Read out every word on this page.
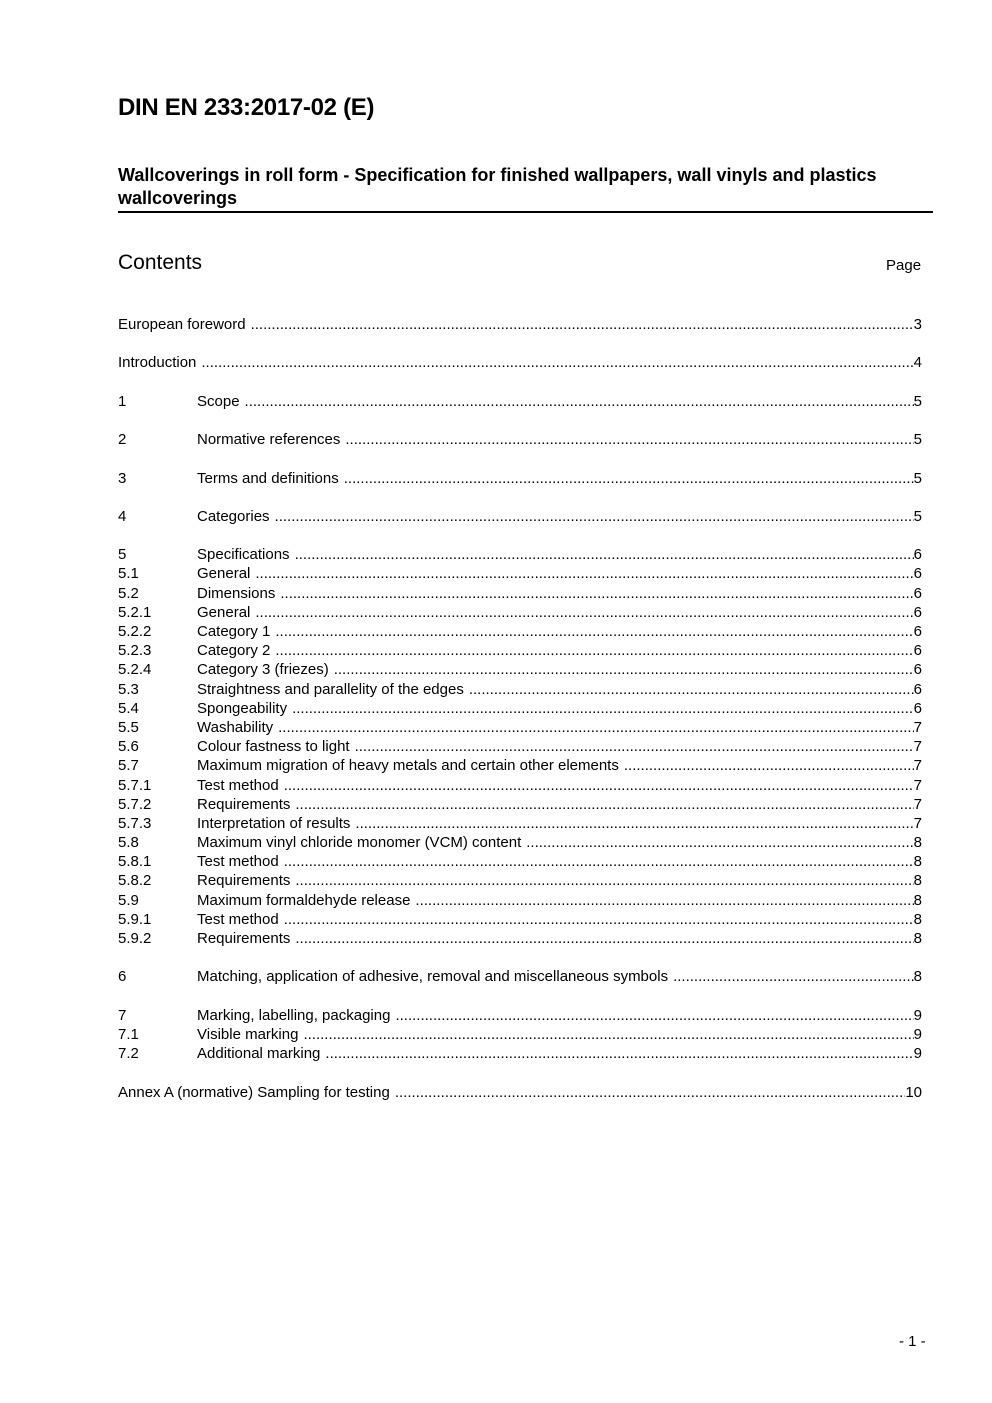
DIN EN 233:2017-02 (E)
Wallcoverings in roll form - Specification for finished wallpapers, wall vinyls and plastics wallcoverings
Contents	Page
European foreword .....	3
Introduction .....	4
1	Scope .....	5
2	Normative references .....	5
3	Terms and definitions .....	5
4	Categories .....	5
5	Specifications .....	6
5.1	General .....	6
5.2	Dimensions .....	6
5.2.1	General .....	6
5.2.2	Category 1 .....	6
5.2.3	Category 2 .....	6
5.2.4	Category 3 (friezes) .....	6
5.3	Straightness and parallelity of the edges .....	6
5.4	Spongeability .....	6
5.5	Washability .....	7
5.6	Colour fastness to light .....	7
5.7	Maximum migration of heavy metals and certain other elements .....	7
5.7.1	Test method .....	7
5.7.2	Requirements .....	7
5.7.3	Interpretation of results .....	7
5.8	Maximum vinyl chloride monomer (VCM) content .....	8
5.8.1	Test method .....	8
5.8.2	Requirements .....	8
5.9	Maximum formaldehyde release .....	8
5.9.1	Test method .....	8
5.9.2	Requirements .....	8
6	Matching, application of adhesive, removal and miscellaneous symbols .....	8
7	Marking, labelling, packaging .....	9
7.1	Visible marking .....	9
7.2	Additional marking .....	9
Annex A (normative) Sampling for testing .....	10
- 1 -
